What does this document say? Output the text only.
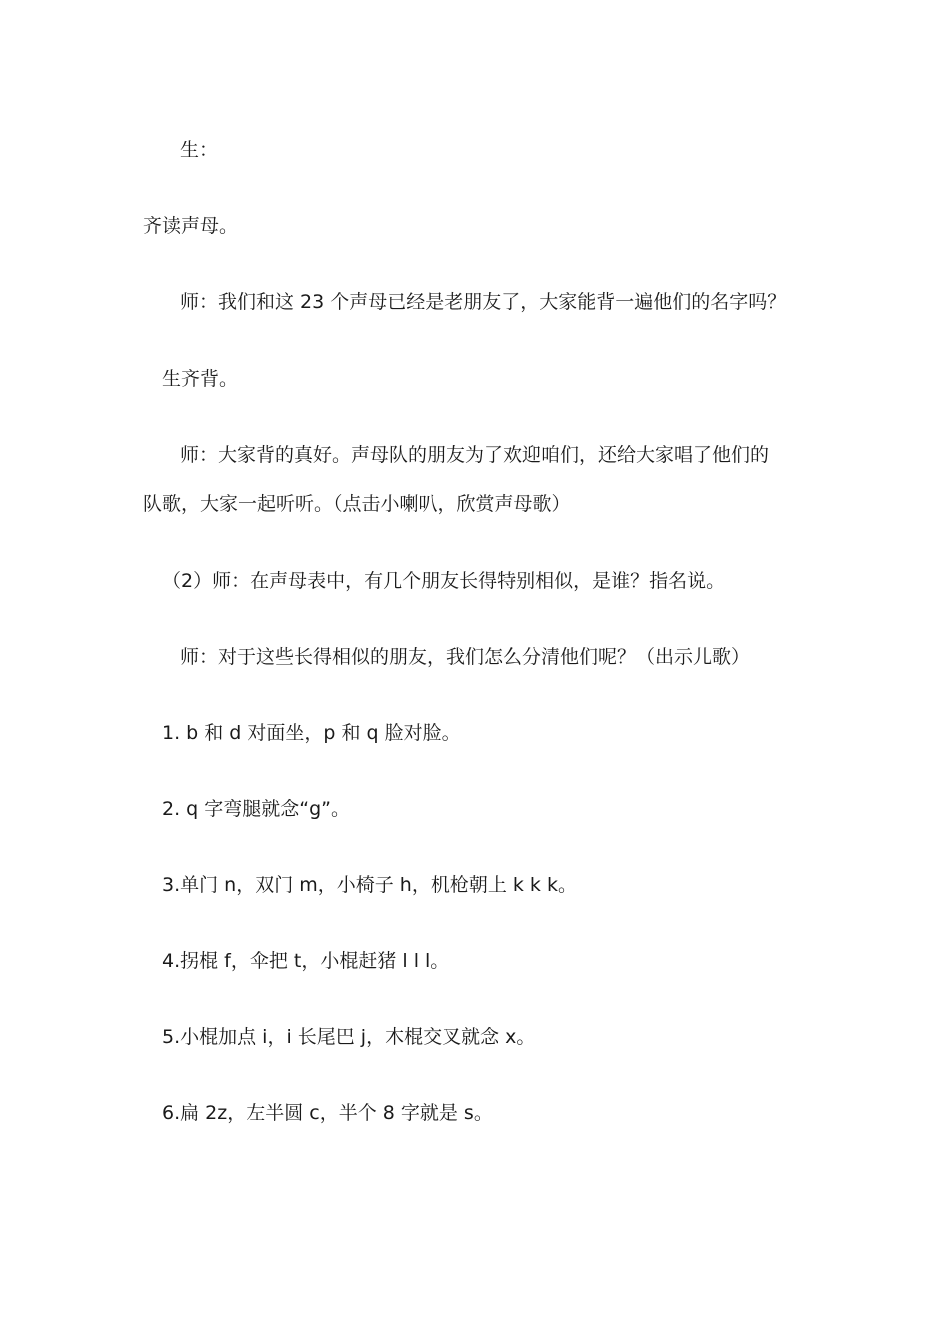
生：
齐读声母。
师：我们和这 23 个声母已经是老朋友了，大家能背一遍他们的名字吗？
生齐背。
师：大家背的真好。声母队的朋友为了欢迎咱们，还给大家唱了他们的
队歌，大家一起听听。（点击小喇叭，欣赏声母歌）
（2）师：在声母表中，有几个朋友长得特别相似，是谁？指名说。
师：对于这些长得相似的朋友，我们怎么分清他们呢？（出示儿歌）
1. b 和 d 对面坐，p 和 q 脸对脸。
2. q 字弯腿就念“g”。
3.单门 n，双门 m，小椅子 h，机枪朝上 k k k。
4.拐棍 f，伞把 t，小棍赶猪 l l l。
5.小棍加点 i，i 长尾巴 j，木棍交叉就念 x。
6.扁 2z，左半圆 c，半个 8 字就是 s。
